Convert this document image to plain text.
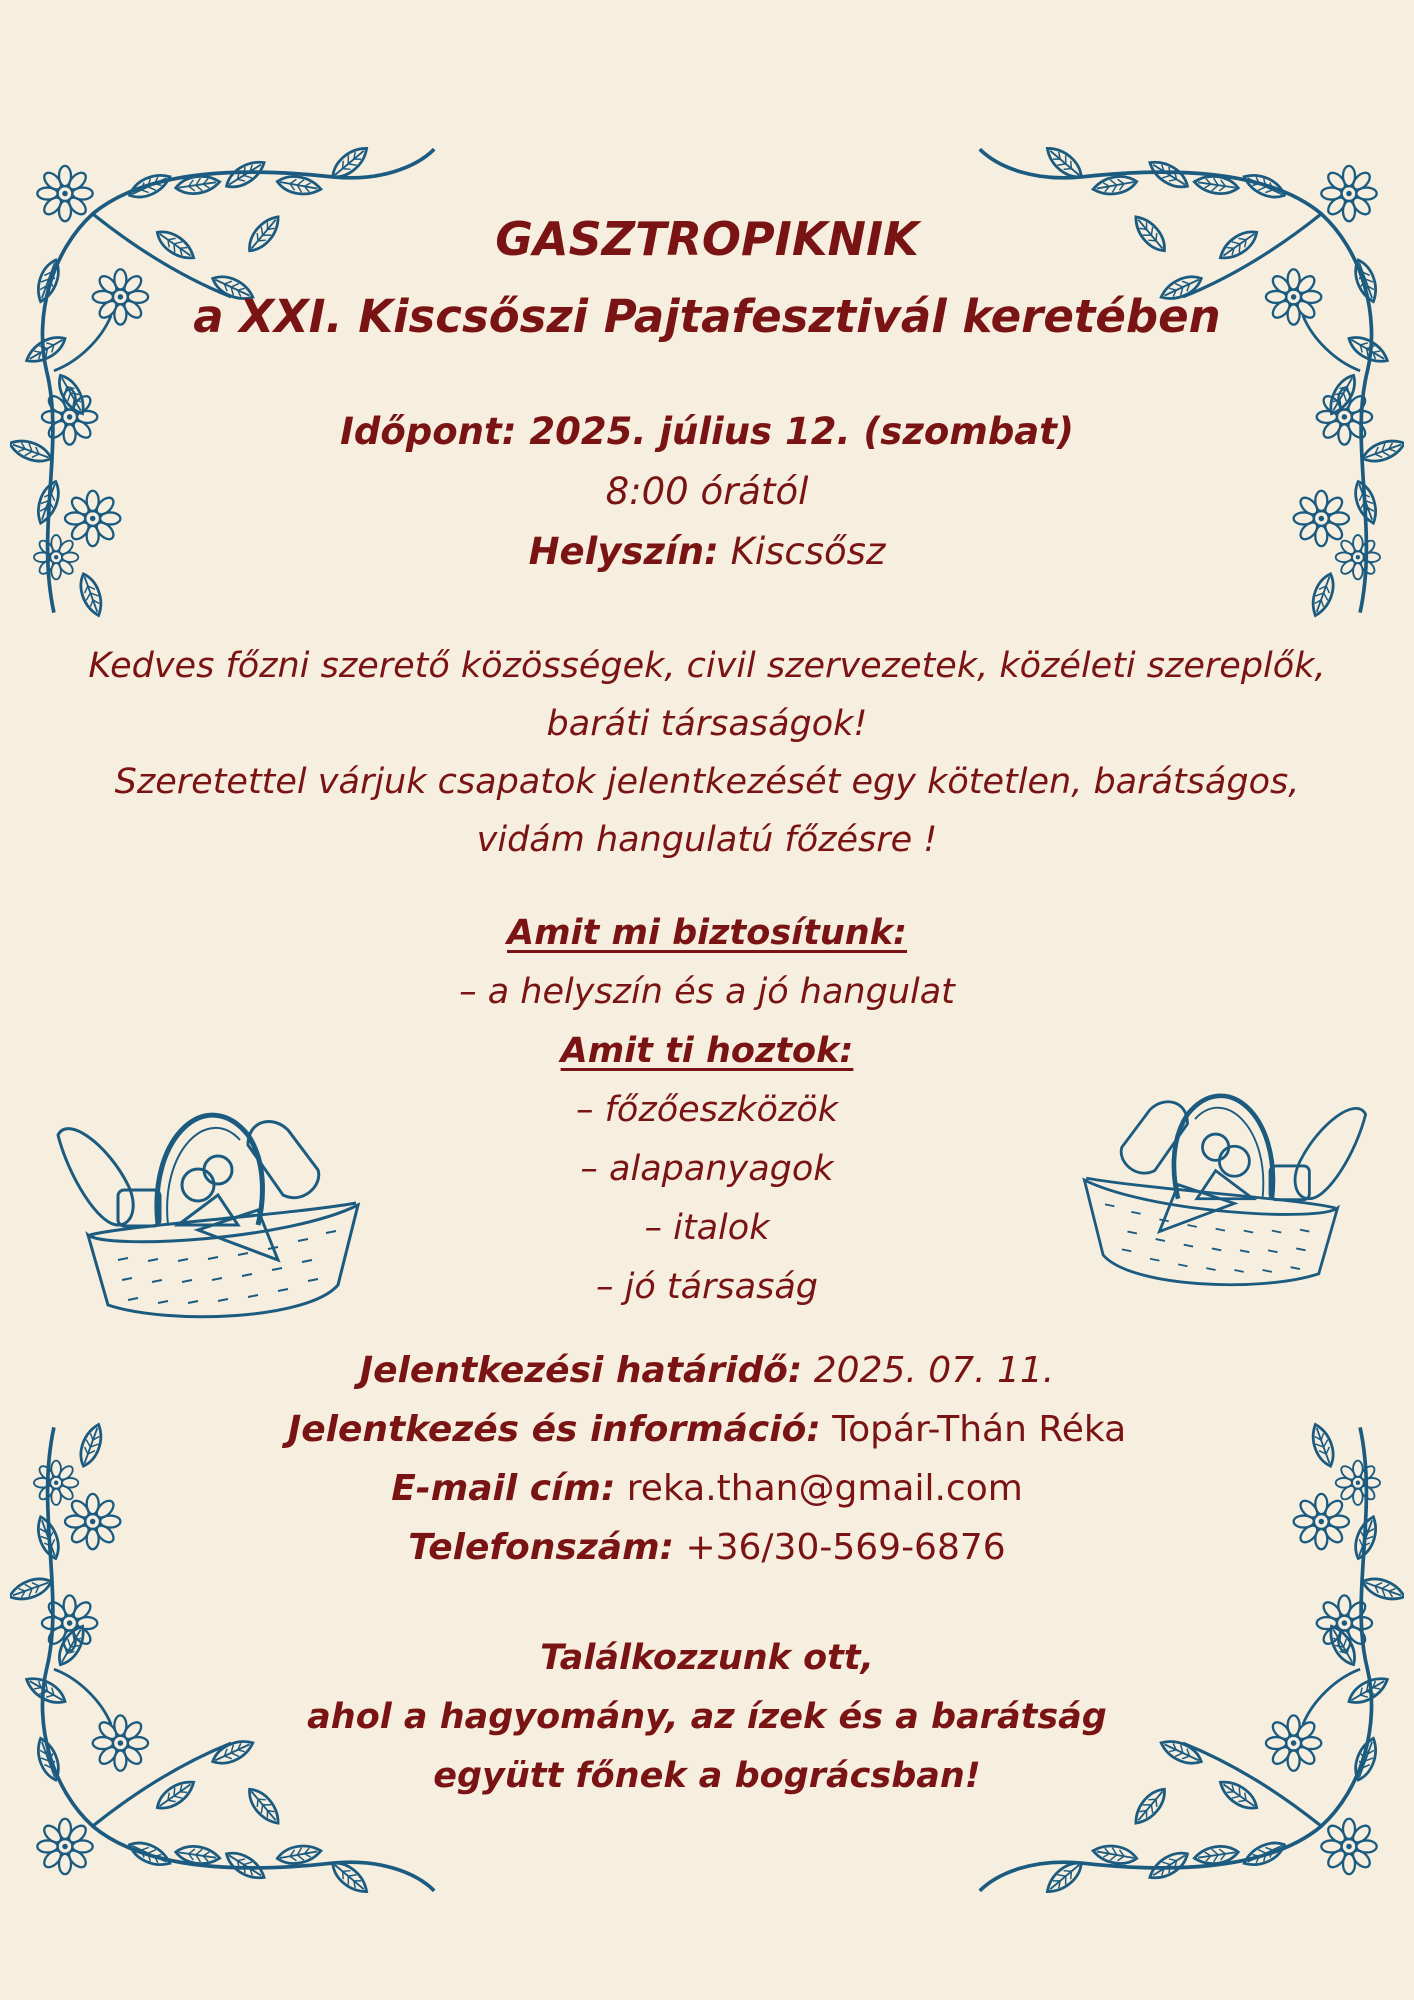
GASZTROPIKNIK
a XXI. Kiscsőszi Pajtafesztivál keretében
Időpont: 2025. július 12. (szombat)
8:00 órától
Helyszín: Kiscsősz
Kedves főzni szerető közösségek, civil szervezetek, közéleti szereplők,
baráti társaságok!
Szeretettel várjuk csapatok jelentkezését egy kötetlen, barátságos,
vidám hangulatú főzésre !
Amit mi biztosítunk:
– a helyszín és a jó hangulat
Amit ti hoztok:
– főzőeszközök
– alapanyagok
– italok
– jó társaság
Jelentkezési határidő: 2025. 07. 11.
Jelentkezés és információ: Topár-Thán Réka
E-mail cím: reka.than@gmail.com
Telefonszám: +36/30-569-6876
Találkozzunk ott,
ahol a hagyomány, az ízek és a barátság
együtt főnek a bográcsban!
